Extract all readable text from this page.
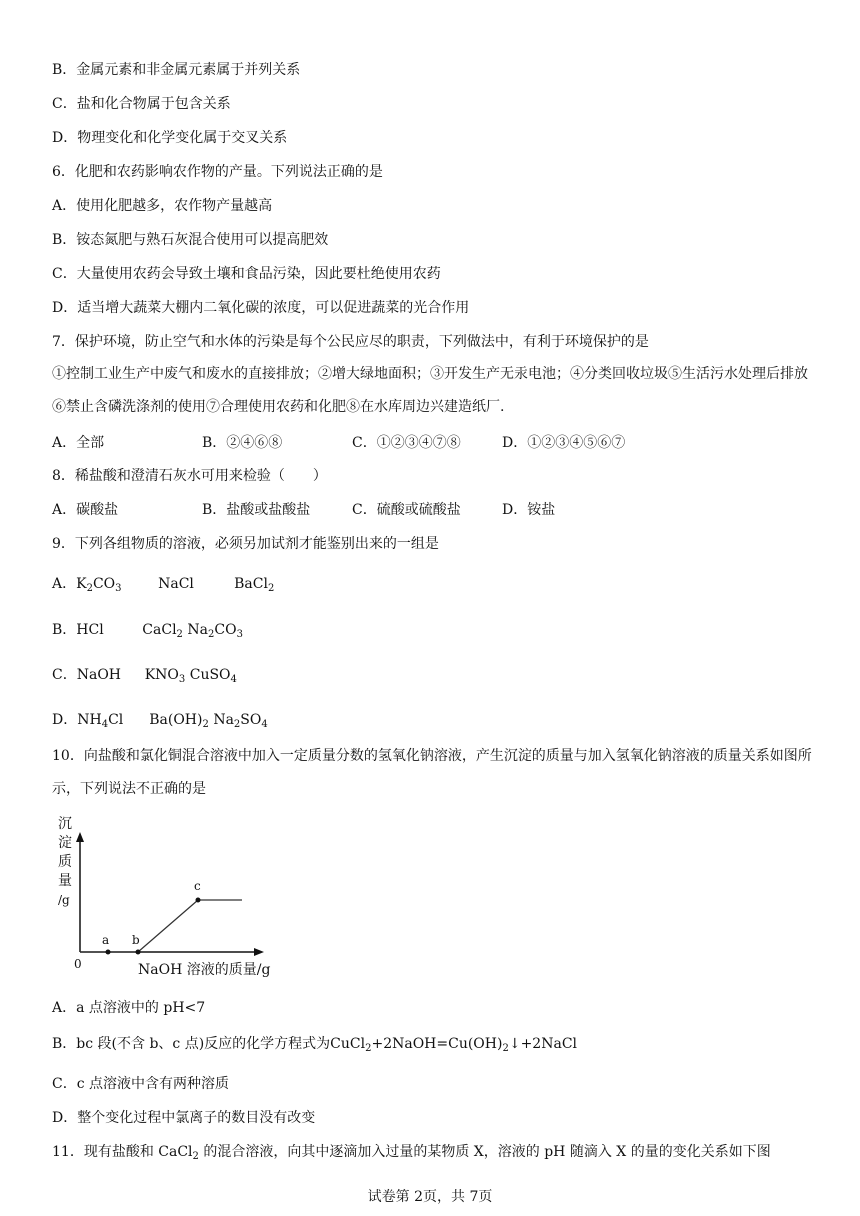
B．金属元素和非金属元素属于并列关系
C．盐和化合物属于包含关系
D．物理变化和化学变化属于交叉关系
6．化肥和农药影响农作物的产量。下列说法正确的是
A．使用化肥越多，农作物产量越高
B．铵态氮肥与熟石灰混合使用可以提高肥效
C．大量使用农药会导致土壤和食品污染，因此要杜绝使用农药
D．适当增大蔬菜大棚内二氧化碳的浓度，可以促进蔬菜的光合作用
7．保护环境，防止空气和水体的污染是每个公民应尽的职责，下列做法中，有利于环境保护的是
①控制工业生产中废气和废水的直接排放；②增大绿地面积；③开发生产无汞电池；④分类回收垃圾⑤生活污水处理后排放⑥禁止含磷洗涤剂的使用⑦合理使用农药和化肥⑧在水库周边兴建造纸厂.
A．全部	B．②④⑥⑧	C．①②③④⑦⑧	D．①②③④⑤⑥⑦
8．稀盐酸和澄清石灰水可用来检验（　　）
A．碳酸盐	B．盐酸或盐酸盐	C．硫酸或硫酸盐	D．铵盐
9．下列各组物质的溶液，必须另加试剂才能鉴别出来的一组是
A．$K_2CO_3$	NaCl	BaCl$_2$
B．HCl	CaCl$_2$ $Na_2CO_3$
C．NaOH $KNO_3$ CuSO$_4$
D．$NH_4Cl$ $Ba(OH)_2$ $Na_2SO_4$
10．向盐酸和氯化铜混合溶液中加入一定质量分数的氢氧化钠溶液，产生沉淀的质量与加入氢氧化钠溶液的质量关系如图所示，下列说法不正确的是
沉
淀
质
量
/g
a b
c
0	NaOH 溶液的质量/g
A．a 点溶液中的 pH<7
B．bc 段(不含 b、c 点)反应的化学方程式为$CuCl_2+2NaOH=Cu(OH)_2↓+2NaCl$
C．c 点溶液中含有两种溶质
D．整个变化过程中氯离子的数目没有改变
11．现有盐酸和 CaCl$_2$ 的混合溶液，向其中逐滴加入过量的某物质 X，溶液的 pH 随滴入 X 的量的变化关系如下图
试卷第 2页，共 7页
